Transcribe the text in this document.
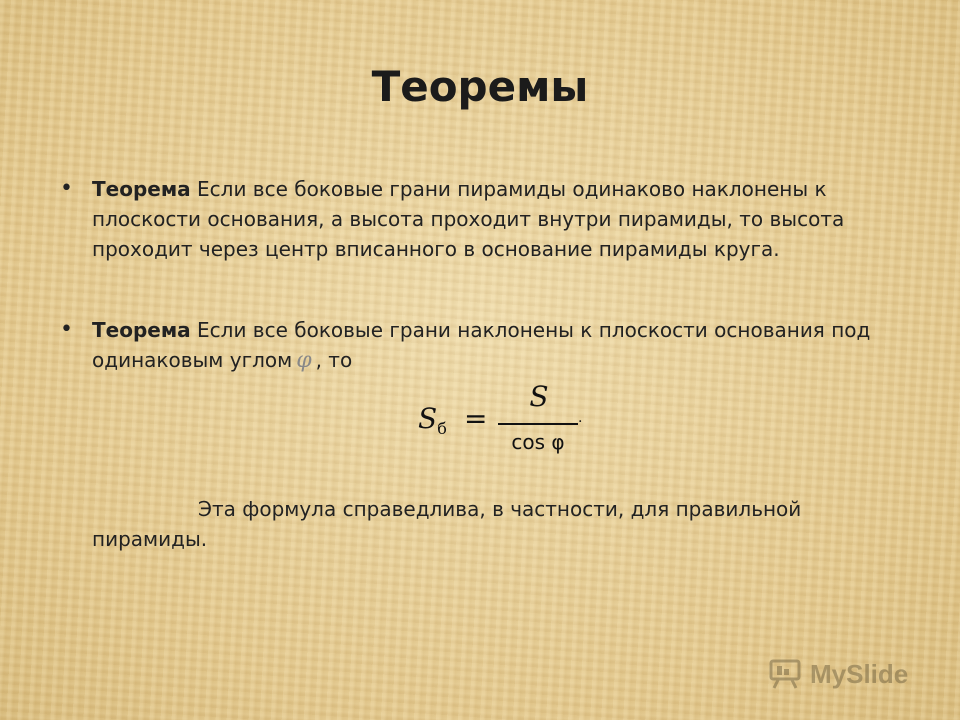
Теоремы
• Теорема Если все боковые грани пирамиды одинаково наклонены к плоскости основания, а высота проходит внутри пирамиды, то высота проходит через центр вписанного в основание пирамиды круга.
• Теорема Если все боковые грани наклонены к плоскости основания под одинаковым углом φ , то
$S_б$ =
S
cos φ
.
Эта формула справедлива, в частности, для правильной пирамиды.
MySlide
